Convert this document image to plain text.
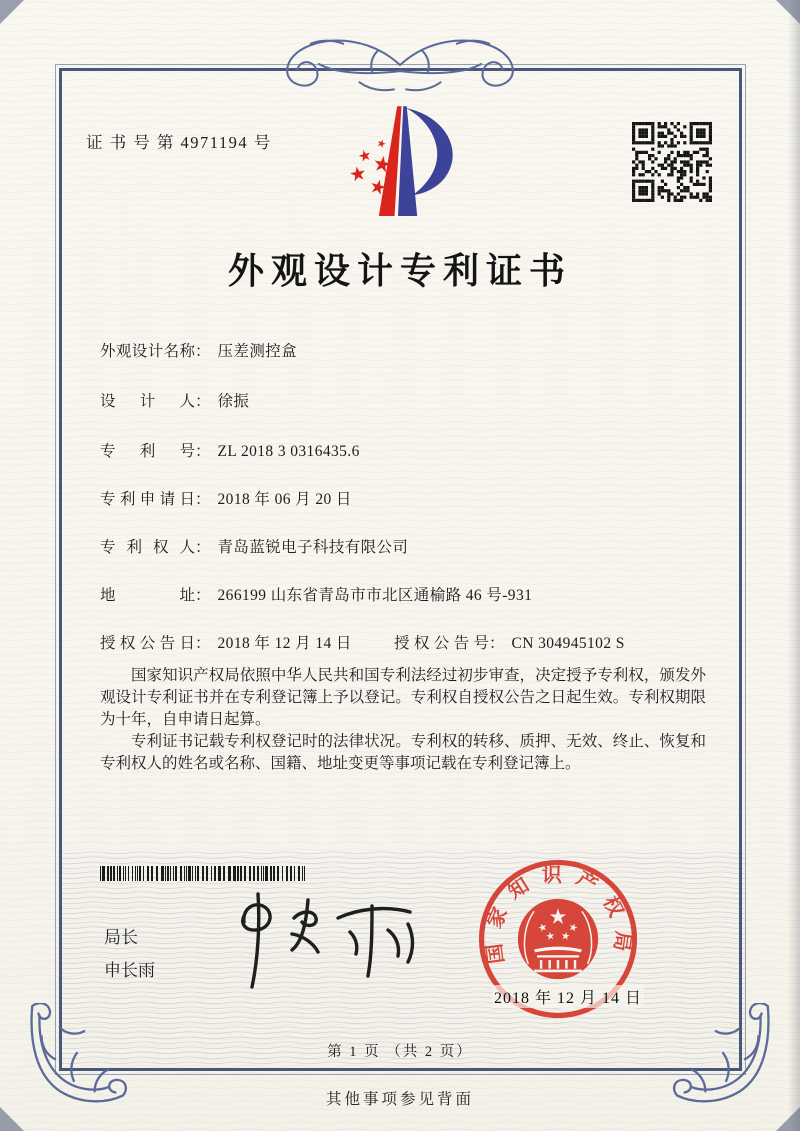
证 书 号 第 4971194 号
外观设计专利证书
外观设计名称： 压差测控盒
设计人： 徐振
专利号： ZL 2018 3 0316435.6
专利申请日： 2018 年 06 月 20 日
专利权人： 青岛蓝锐电子科技有限公司
地址： 266199 山东省青岛市市北区通榆路 46 号-931
授权公告日： 2018 年 12 月 14 日	授权公告号： CN 304945102 S

国家知识产权局依照中华人民共和国专利法经过初步审查，决定授予专利权，颁发外观设计专利证书并在专利登记簿上予以登记。专利权自授权公告之日起生效。专利权期限为十年，自申请日起算。

专利证书记载专利权登记时的法律状况。专利权的转移、质押、无效、终止、恢复和专利权人的姓名或名称、国籍、地址变更等事项记载在专利登记簿上。

局长
申长雨
国家知识产权局
2018 年 12 月 14 日
第 1 页 （共 2 页）
其他事项参见背面
